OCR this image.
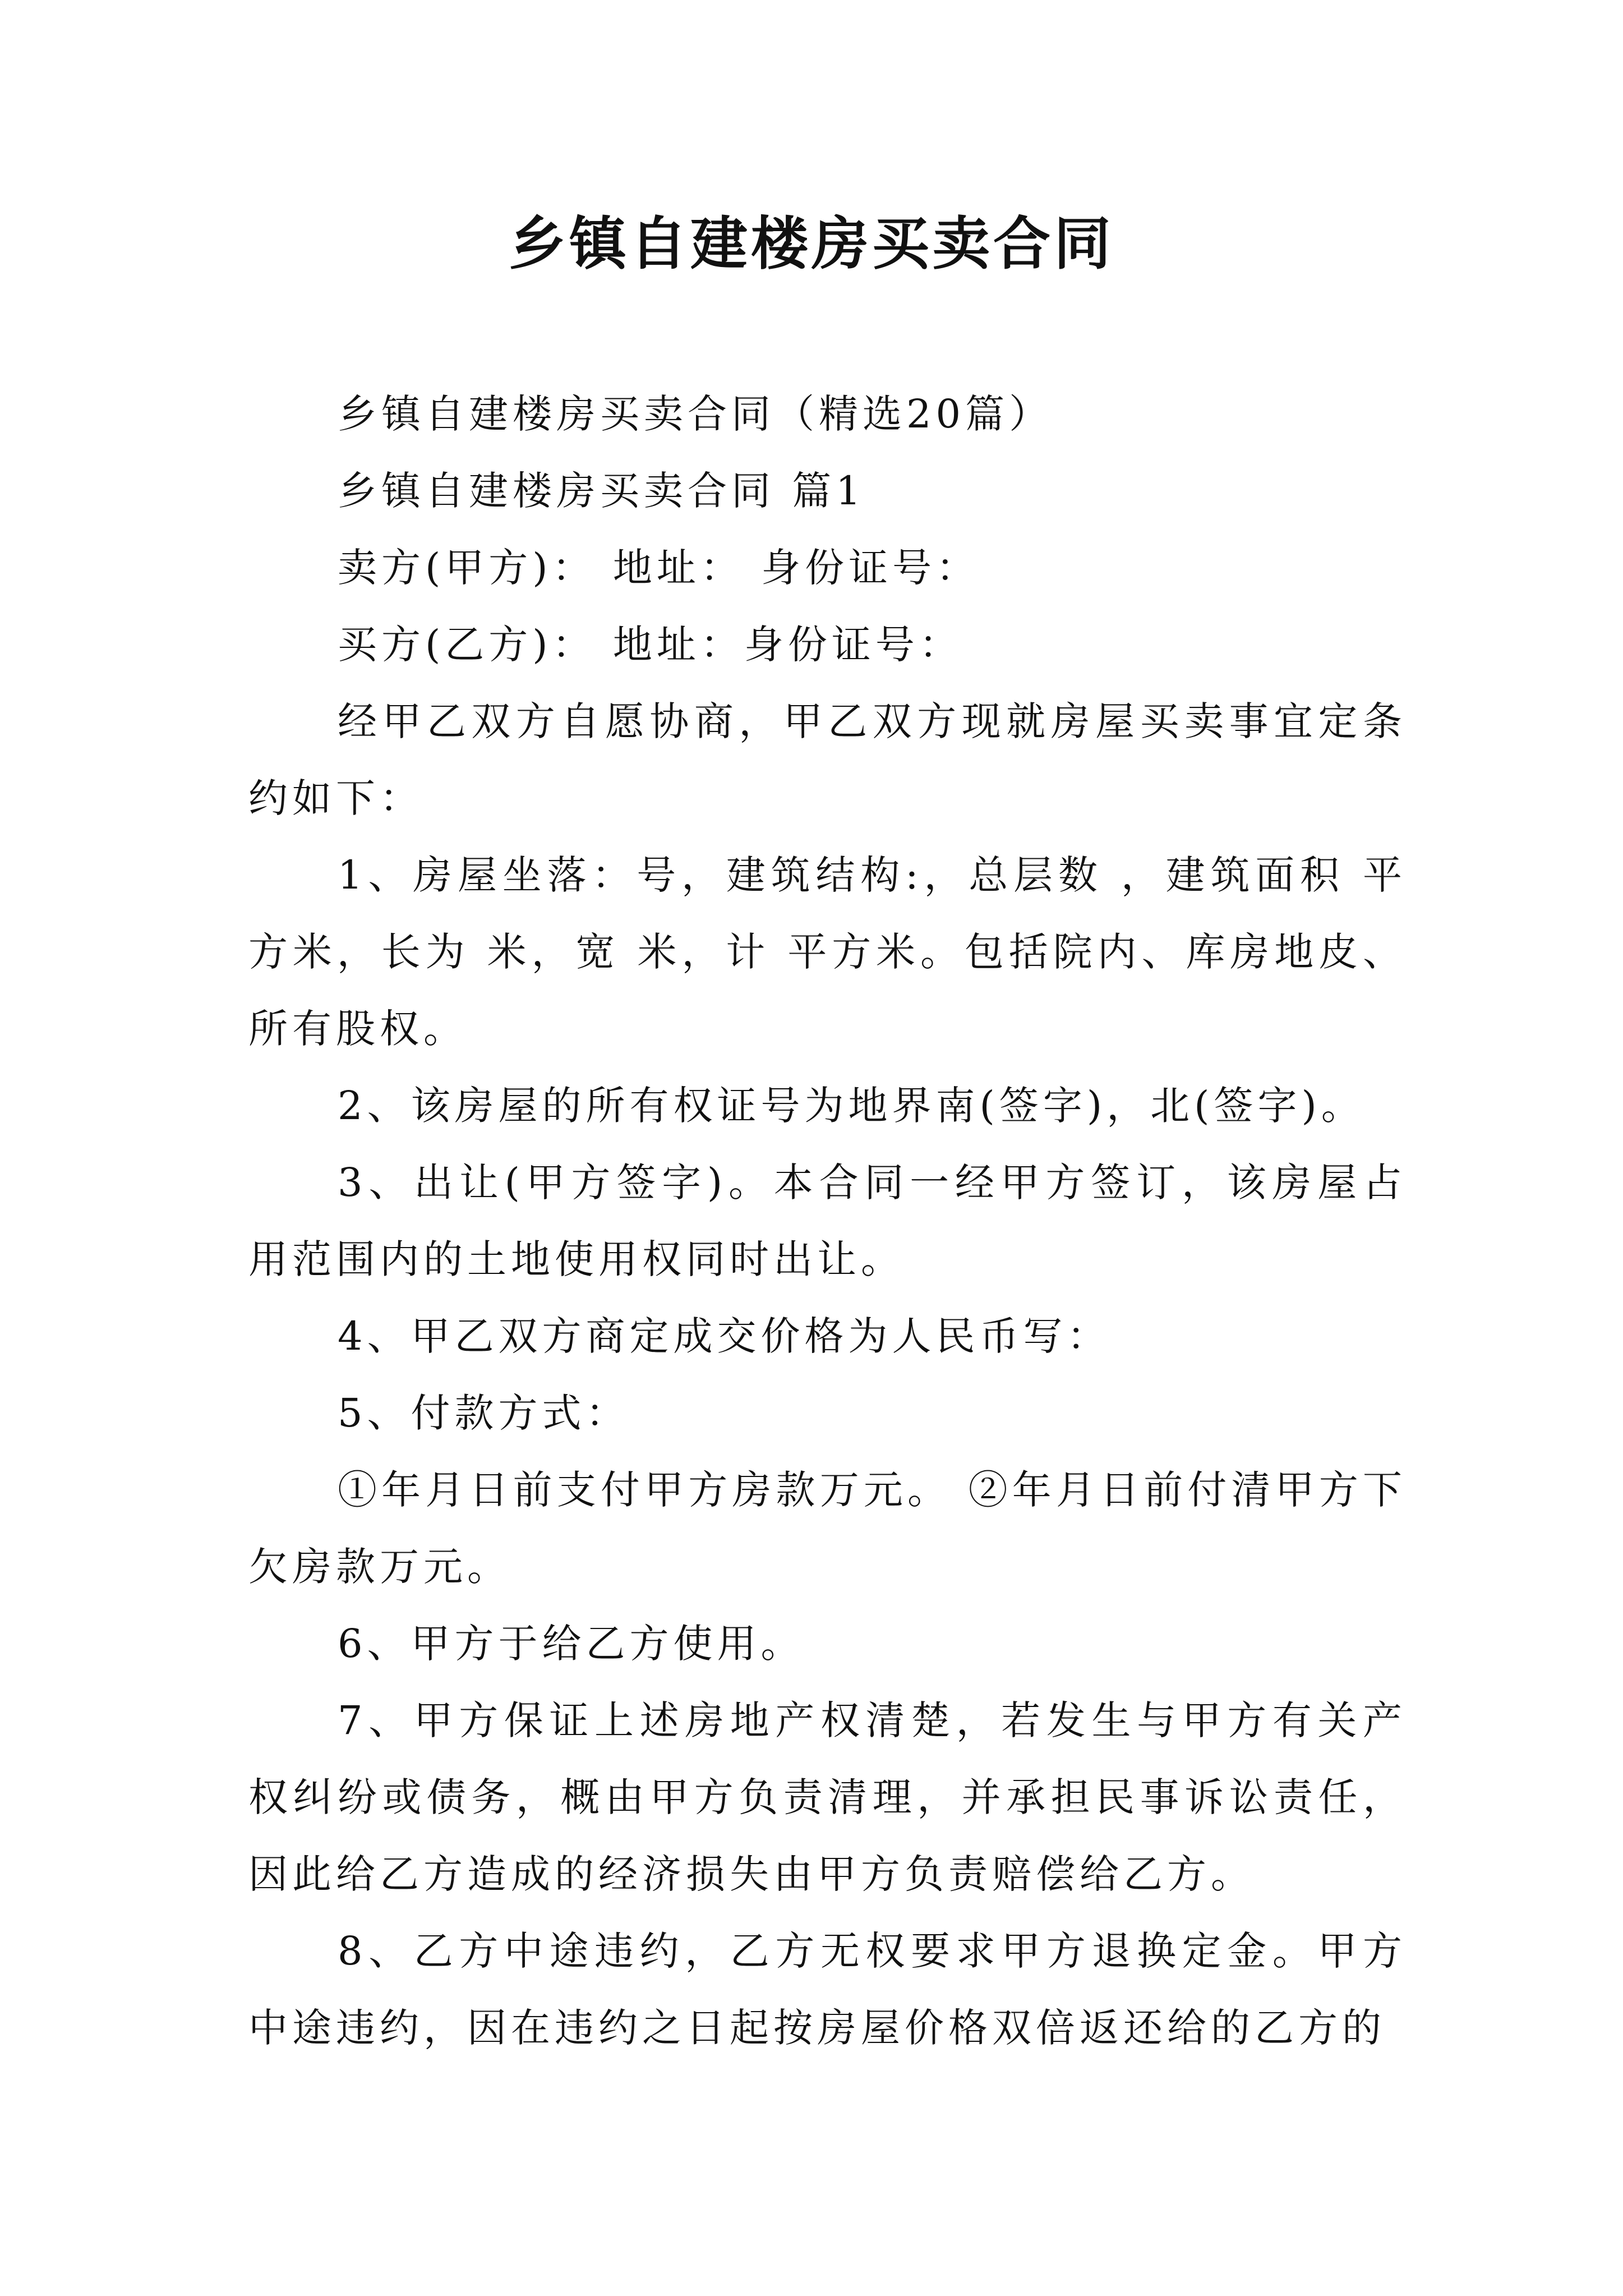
乡镇自建楼房买卖合同

乡镇自建楼房买卖合同（精选20篇）

乡镇自建楼房买卖合同 篇1

卖方(甲方)： 地址： 身份证号：

买方(乙方)： 地址：身份证号：

经甲乙双方自愿协商，甲乙双方现就房屋买卖事宜定条约如下：

1、房屋坐落：号，建筑结构:，总层数 ，建筑面积 平方米，长为 米，宽 米，计 平方米。包括院内、库房地皮、所有股权。

2、该房屋的所有权证号为地界南(签字)，北(签字)。

3、出让(甲方签字)。本合同一经甲方签订，该房屋占用范围内的土地使用权同时出让。

4、甲乙双方商定成交价格为人民币写：

5、付款方式：

①年月日前支付甲方房款万元。 ②年月日前付清甲方下欠房款万元。

6、甲方于给乙方使用。

7、甲方保证上述房地产权清楚，若发生与甲方有关产权纠纷或债务，概由甲方负责清理，并承担民事诉讼责任，因此给乙方造成的经济损失由甲方负责赔偿给乙方。

8、乙方中途违约，乙方无权要求甲方退换定金。甲方中途违约，因在违约之日起按房屋价格双倍返还给的乙方的
